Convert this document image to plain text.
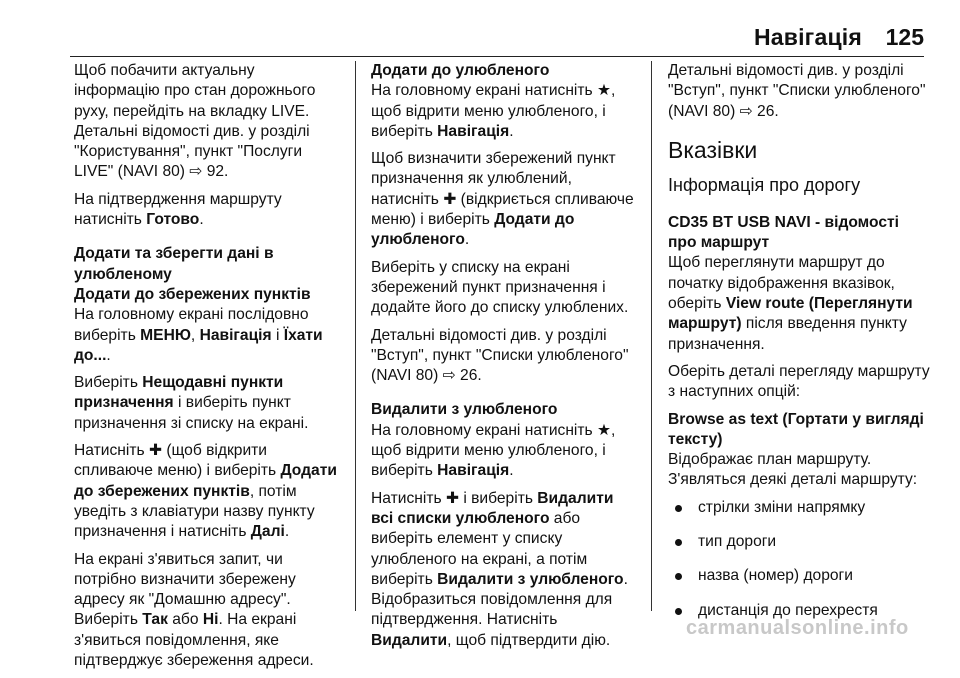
Навігація 125

Щоб побачити актуальну інформацію про стан дорожнього руху, перейдіть на вкладку LIVE. Детальні відомості див. у розділі "Користування", пункт "Послуги LIVE" (NAVI 80) ⇨ 92.

На підтвердження маршруту натисніть Готово.

Додати та зберегти дані в улюбленому

Додати до збережених пунктів

На головному екрані послідовно виберіть МЕНЮ, Навігація і Їхати до....

Виберіть Нещодавні пункти призначення і виберіть пункт призначення зі списку на екрані.

Натисніть ✚ (щоб відкрити спливаюче меню) і виберіть Додати до збережених пунктів, потім уведіть з клавіатури назву пункту призначення і натисніть Далі.

На екрані з'явиться запит, чи потрібно визначити збережену адресу як "Домашню адресу". Виберіть Так або Ні. На екрані з'явиться повідомлення, яке підтверджує збереження адреси.

Додати до улюбленого

На головному екрані натисніть ★, щоб відрити меню улюбленого, і виберіть Навігація.

Щоб визначити збережений пункт призначення як улюблений, натисніть ✚ (відкриється спливаюче меню) і виберіть Додати до улюбленого.

Виберіть у списку на екрані збережений пункт призначення і додайте його до списку улюблених.

Детальні відомості див. у розділі "Вступ", пункт "Списки улюбленого" (NAVI 80) ⇨ 26.

Видалити з улюбленого

На головному екрані натисніть ★, щоб відрити меню улюбленого, і виберіть Навігація.

Натисніть ✚ і виберіть Видалити всі списки улюбленого або виберіть елемент у списку улюбленого на екрані, а потім виберіть Видалити з улюбленого. Відобразиться повідомлення для підтвердження. Натисніть Видалити, щоб підтвердити дію.

Детальні відомості див. у розділі "Вступ", пункт "Списки улюбленого" (NAVI 80) ⇨ 26.

Вказівки

Інформація про дорогу

CD35 BT USB NAVI - відомості про маршрут

Щоб переглянути маршрут до початку відображення вказівок, оберіть View route (Переглянути маршрут) після введення пункту призначення.

Оберіть деталі перегляду маршруту з наступних опцій:

Browse as text (Гортати у вигляді тексту)

Відображає план маршруту. З'являться деякі деталі маршруту:

стрілки зміни напрямку
тип дороги
назва (номер) дороги
дистанція до перехрестя
carmanualsonline.info
